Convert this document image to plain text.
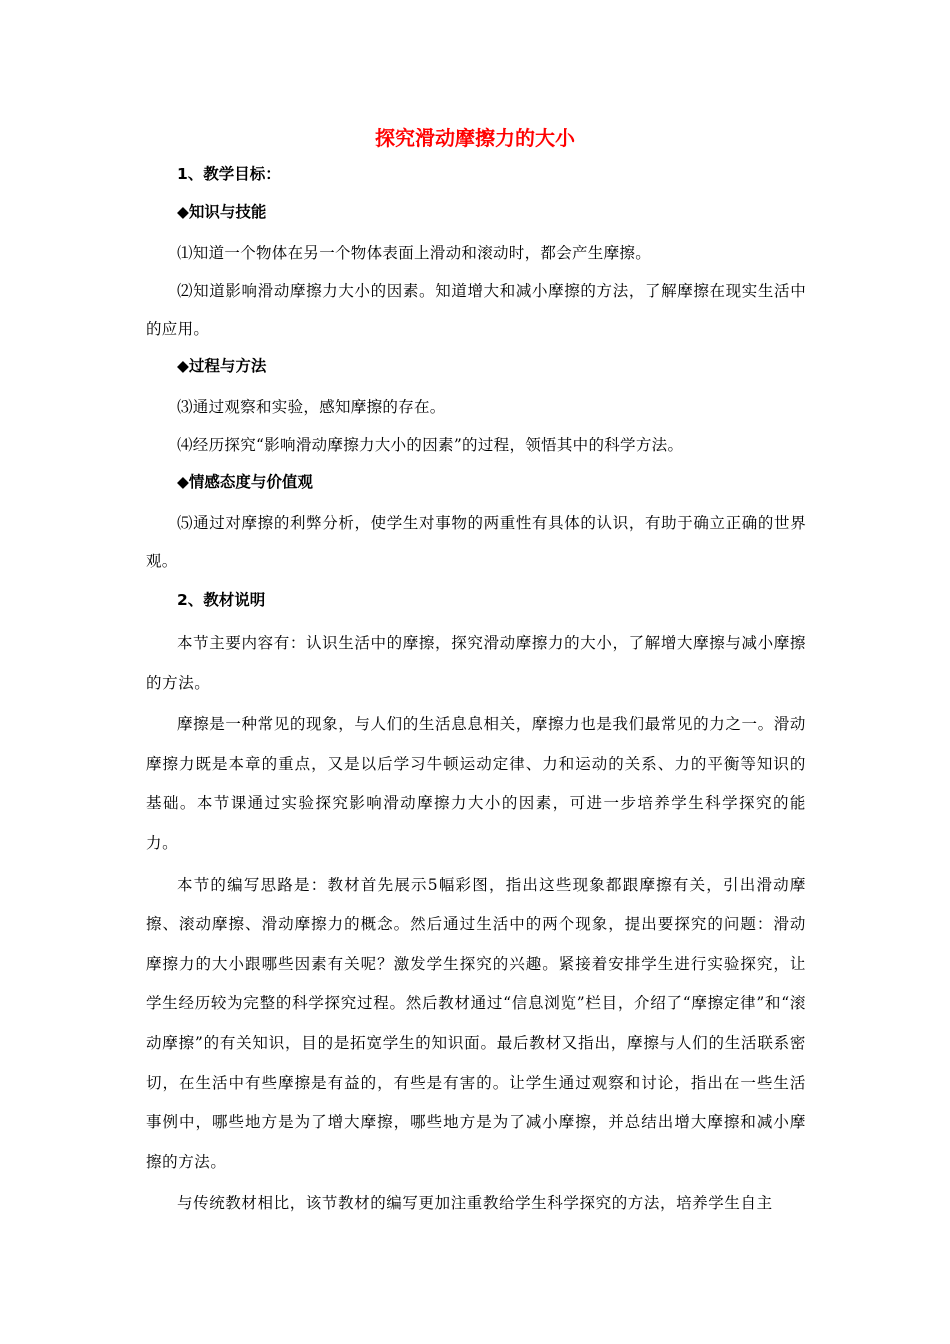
探究滑动摩擦力的大小

1、教学目标：

◆知识与技能

⑴知道一个物体在另一个物体表面上滑动和滚动时，都会产生摩擦。

⑵知道影响滑动摩擦力大小的因素。知道增大和减小摩擦的方法，了解摩擦在现实生活中的应用。

◆过程与方法

⑶通过观察和实验，感知摩擦的存在。

⑷经历探究“影响滑动摩擦力大小的因素”的过程，领悟其中的科学方法。

◆情感态度与价值观

⑸通过对摩擦的利弊分析，使学生对事物的两重性有具体的认识，有助于确立正确的世界观。

2、教材说明

本节主要内容有：认识生活中的摩擦，探究滑动摩擦力的大小，了解增大摩擦与减小摩擦的方法。

摩擦是一种常见的现象，与人们的生活息息相关，摩擦力也是我们最常见的力之一。滑动摩擦力既是本章的重点，又是以后学习牛顿运动定律、力和运动的关系、力的平衡等知识的基础。本节课通过实验探究影响滑动摩擦力大小的因素，可进一步培养学生科学探究的能力。

本节的编写思路是：教材首先展示5幅彩图，指出这些现象都跟摩擦有关，引出滑动摩擦、滚动摩擦、滑动摩擦力的概念。然后通过生活中的两个现象，提出要探究的问题：滑动摩擦力的大小跟哪些因素有关呢？激发学生探究的兴趣。紧接着安排学生进行实验探究，让学生经历较为完整的科学探究过程。然后教材通过“信息浏览”栏目，介绍了“摩擦定律”和“滚动摩擦”的有关知识，目的是拓宽学生的知识面。最后教材又指出，摩擦与人们的生活联系密切，在生活中有些摩擦是有益的，有些是有害的。让学生通过观察和讨论，指出在一些生活事例中，哪些地方是为了增大摩擦，哪些地方是为了减小摩擦，并总结出增大摩擦和减小摩擦的方法。

与传统教材相比，该节教材的编写更加注重教给学生科学探究的方法，培养学生自主
